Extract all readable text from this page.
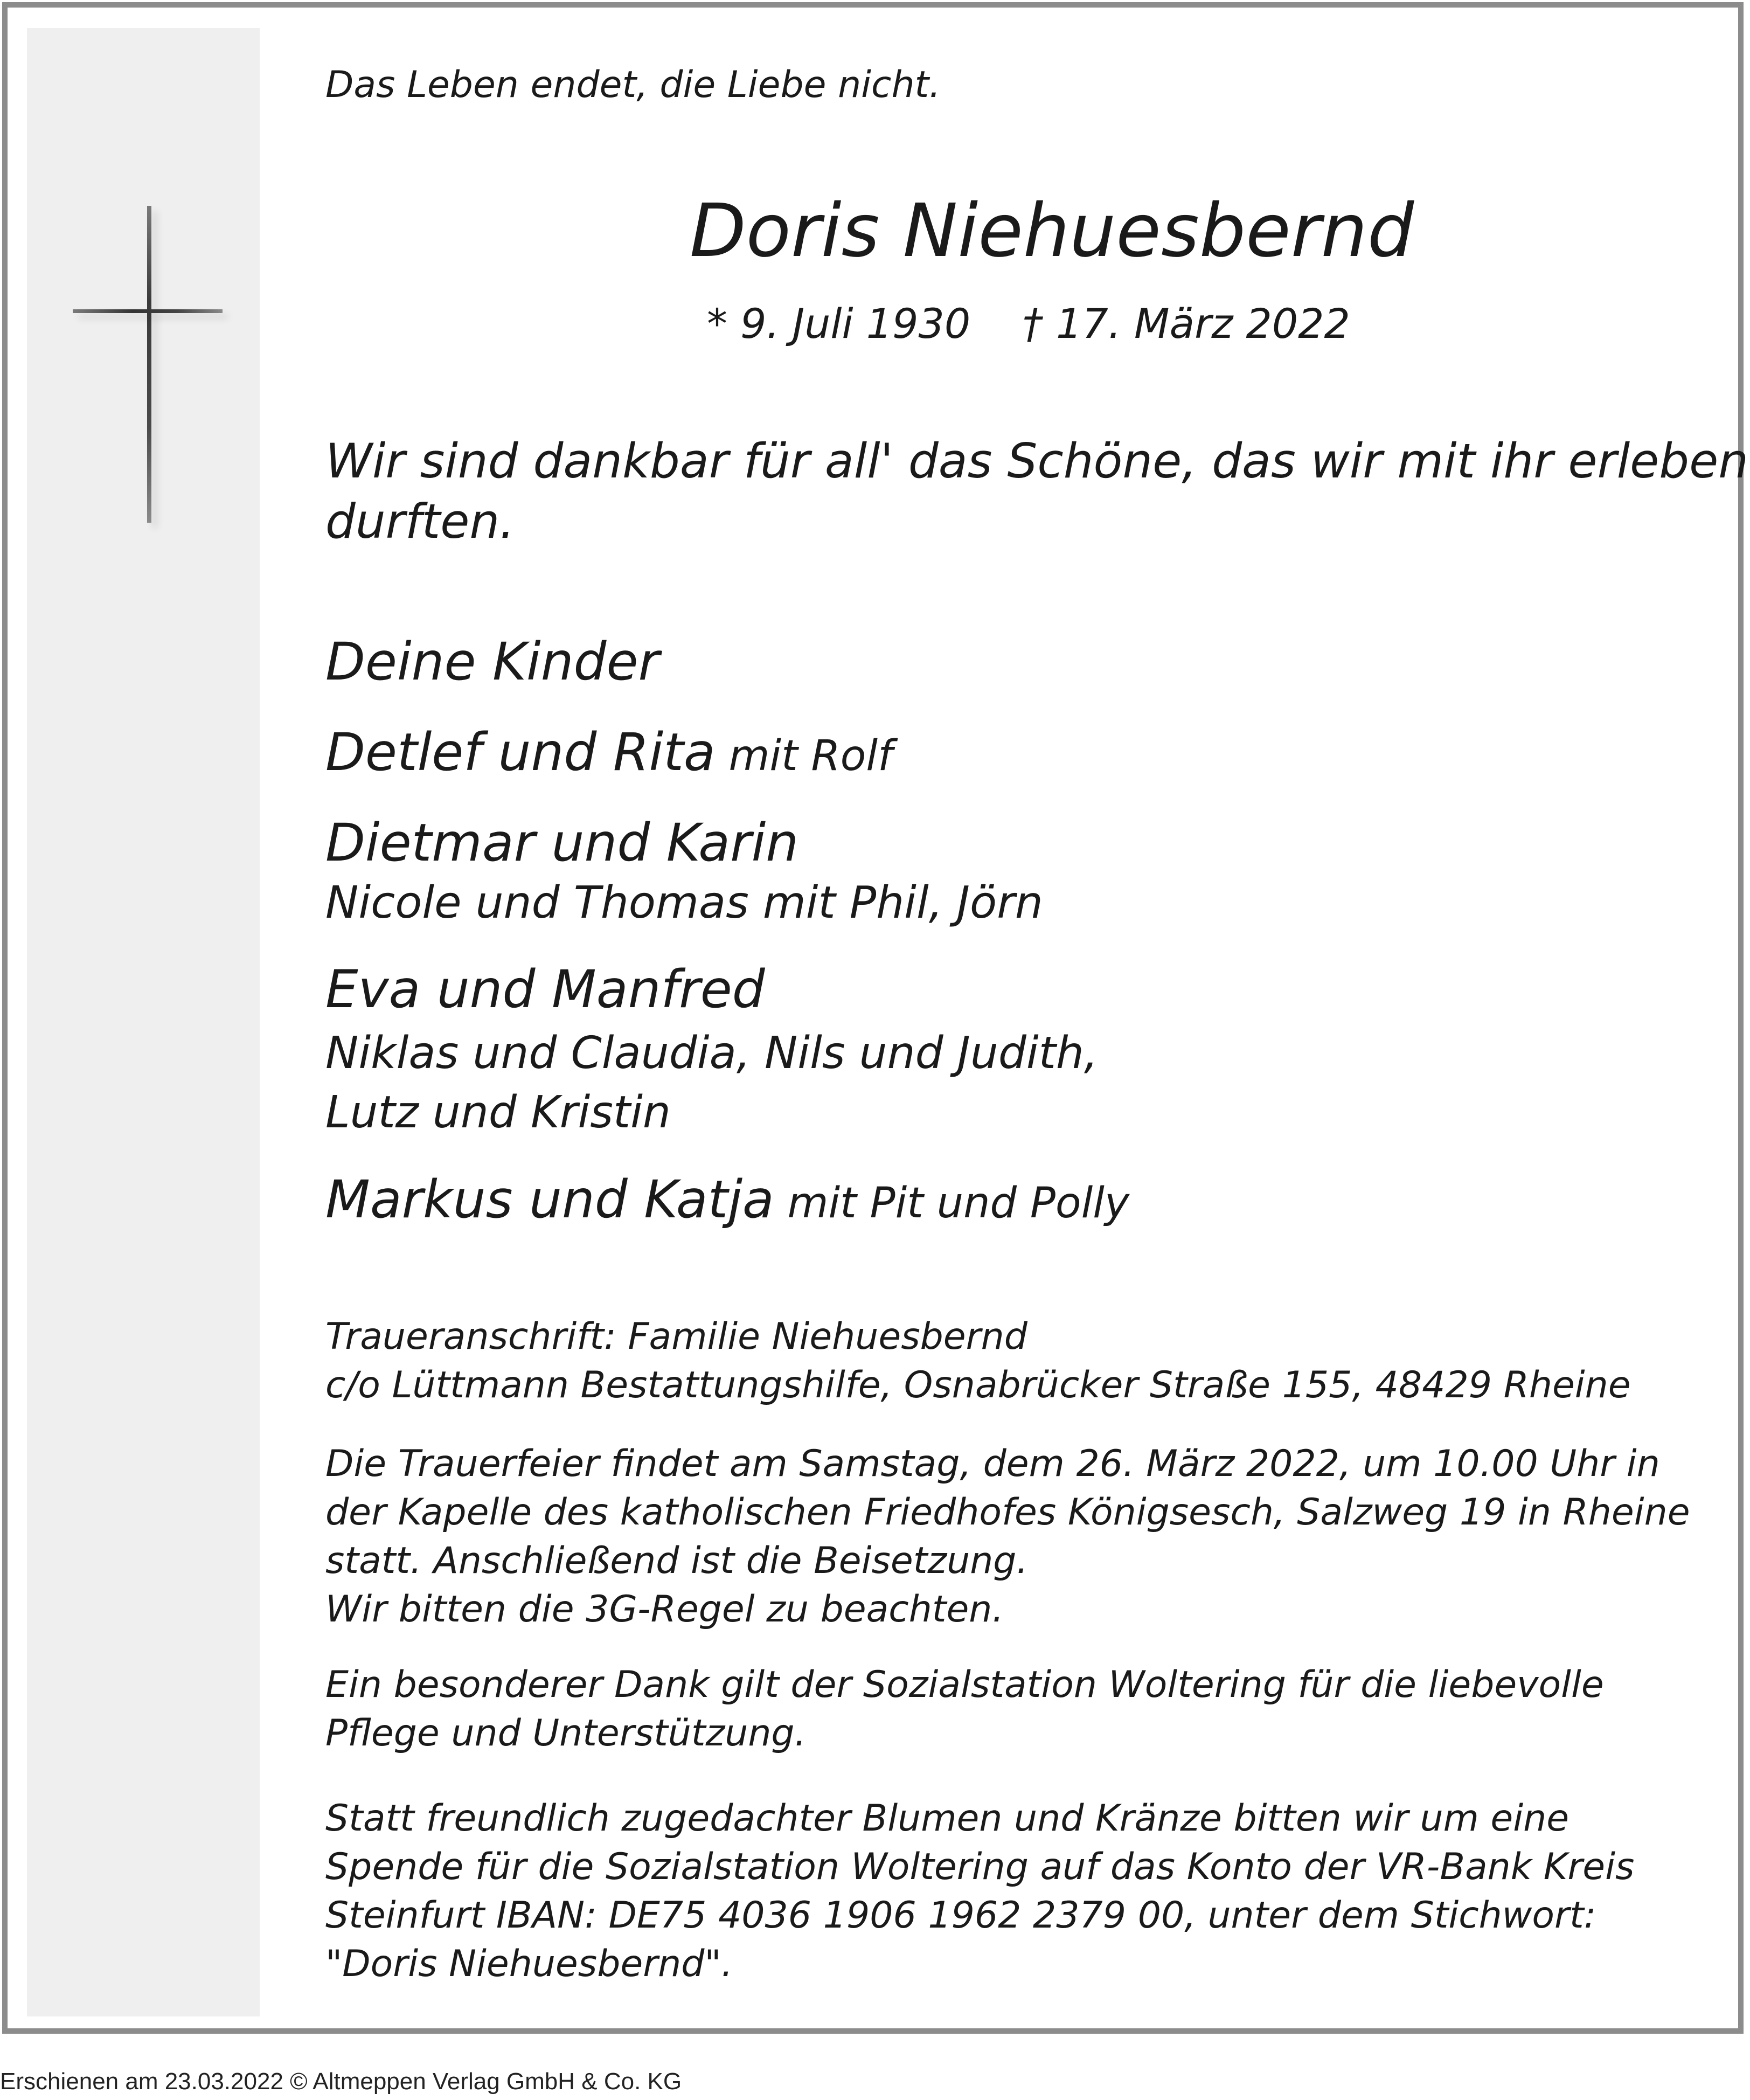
Das Leben endet, die Liebe nicht.

Doris Niehuesbernd

* 9. Juli 1930    † 17. März 2022

Wir sind dankbar für all' das Schöne, das wir mit ihr erleben
durften.

Deine Kinder

Detlef und Rita mit Rolf

Dietmar und Karin

Nicole und Thomas mit Phil, Jörn

Eva und Manfred

Niklas und Claudia, Nils und Judith,
Lutz und Kristin

Markus und Katja mit Pit und Polly

Traueranschrift: Familie Niehuesbernd
c/o Lüttmann Bestattungshilfe, Osnabrücker Straße 155, 48429 Rheine
Die Trauerfeier findet am Samstag, dem 26. März 2022, um 10.00 Uhr in
der Kapelle des katholischen Friedhofes Königsesch, Salzweg 19 in Rheine
statt. Anschließend ist die Beisetzung.
Wir bitten die 3G-Regel zu beachten.
Ein besonderer Dank gilt der Sozialstation Woltering für die liebevolle
Pflege und Unterstützung.
Statt freundlich zugedachter Blumen und Kränze bitten wir um eine
Spende für die Sozialstation Woltering auf das Konto der VR-Bank Kreis
Steinfurt IBAN: DE75 4036 1906 1962 2379 00, unter dem Stichwort:
"Doris Niehuesbernd".
Erschienen am 23.03.2022 © Altmeppen Verlag GmbH & Co. KG
